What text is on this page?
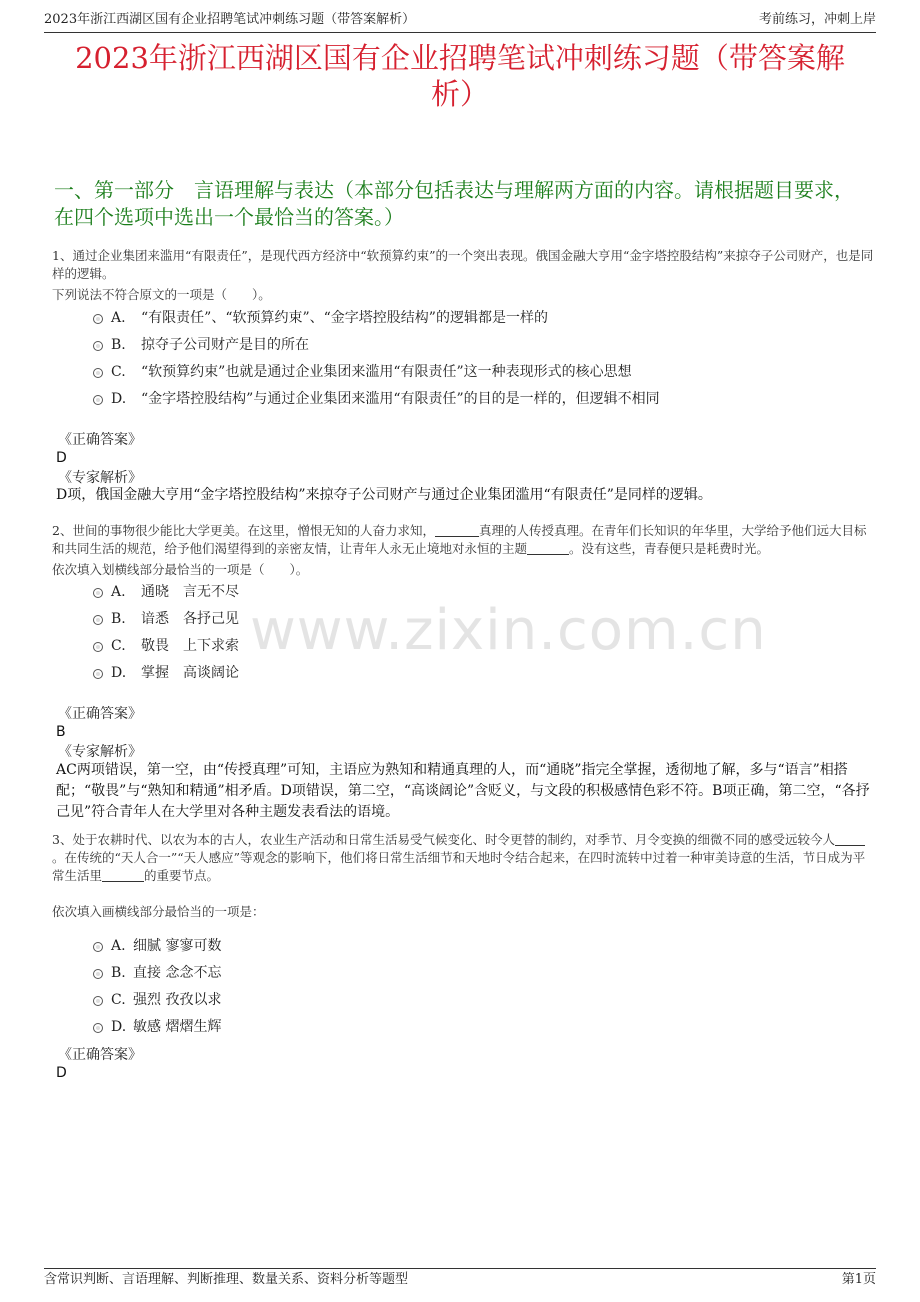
www.zixin.com.cn
2023年浙江西湖区国有企业招聘笔试冲刺练习题（带答案解析）	考前练习，冲刺上岸
2023年浙江西湖区国有企业招聘笔试冲刺练习题（带答案解析）
一、第一部分　言语理解与表达（本部分包括表达与理解两方面的内容。请根据题目要求，在四个选项中选出一个最恰当的答案。）
1、通过企业集团来滥用“有限责任”，是现代西方经济中“软预算约束”的一个突出表现。俄国金融大亨用“金字塔控股结构”来掠夺子公司财产，也是同样的逻辑。
下列说法不符合原文的一项是（　　）。
A. “有限责任”、“软预算约束”、“金字塔控股结构”的逻辑都是一样的
B. 掠夺子公司财产是目的所在
C. “软预算约束”也就是通过企业集团来滥用“有限责任”这一种表现形式的核心思想
D. “金字塔控股结构”与通过企业集团来滥用“有限责任”的目的是一样的，但逻辑不相同
《正确答案》
D
《专家解析》
D项，俄国金融大亨用“金字塔控股结构”来掠夺子公司财产与通过企业集团滥用“有限责任”是同样的逻辑。
2、世间的事物很少能比大学更美。在这里，憎恨无知的人奋力求知，	真理的人传授真理。在青年们长知识的年华里，大学给予他们远大目标和共同生活的规范，给予他们渴望得到的亲密友情，让青年人永无止境地对永恒的主题	。没有这些，青春便只是耗费时光。
依次填入划横线部分最恰当的一项是（　　）。
A. 通晓　言无不尽
B. 谙悉　各抒己见
C. 敬畏　上下求索
D. 掌握　高谈阔论
《正确答案》
B
《专家解析》
AC两项错误，第一空，由“传授真理”可知，主语应为熟知和精通真理的人，而“通晓”指完全掌握，透彻地了解，多与“语言”相搭配；“敬畏”与“熟知和精通”相矛盾。D项错误，第二空，“高谈阔论”含贬义，与文段的积极感情色彩不符。B项正确，第二空，“各抒己见”符合青年人在大学里对各种主题发表看法的语境。
3、处于农耕时代、以农为本的古人，农业生产活动和日常生活易受气候变化、时令更替的制约，对季节、月令变换的细微不同的感受远较今人。在传统的“天人合一”“天人感应”等观念的影响下，他们将日常生活细节和天地时令结合起来，在四时流转中过着一种审美诗意的生活，节日成为平常生活里	的重要节点。
依次填入画横线部分最恰当的一项是：
A. 细腻 寥寥可数
B. 直接 念念不忘
C. 强烈 孜孜以求
D. 敏感 熠熠生辉
《正确答案》
D
含常识判断、言语理解、判断推理、数量关系、资料分析等题型	第1页
